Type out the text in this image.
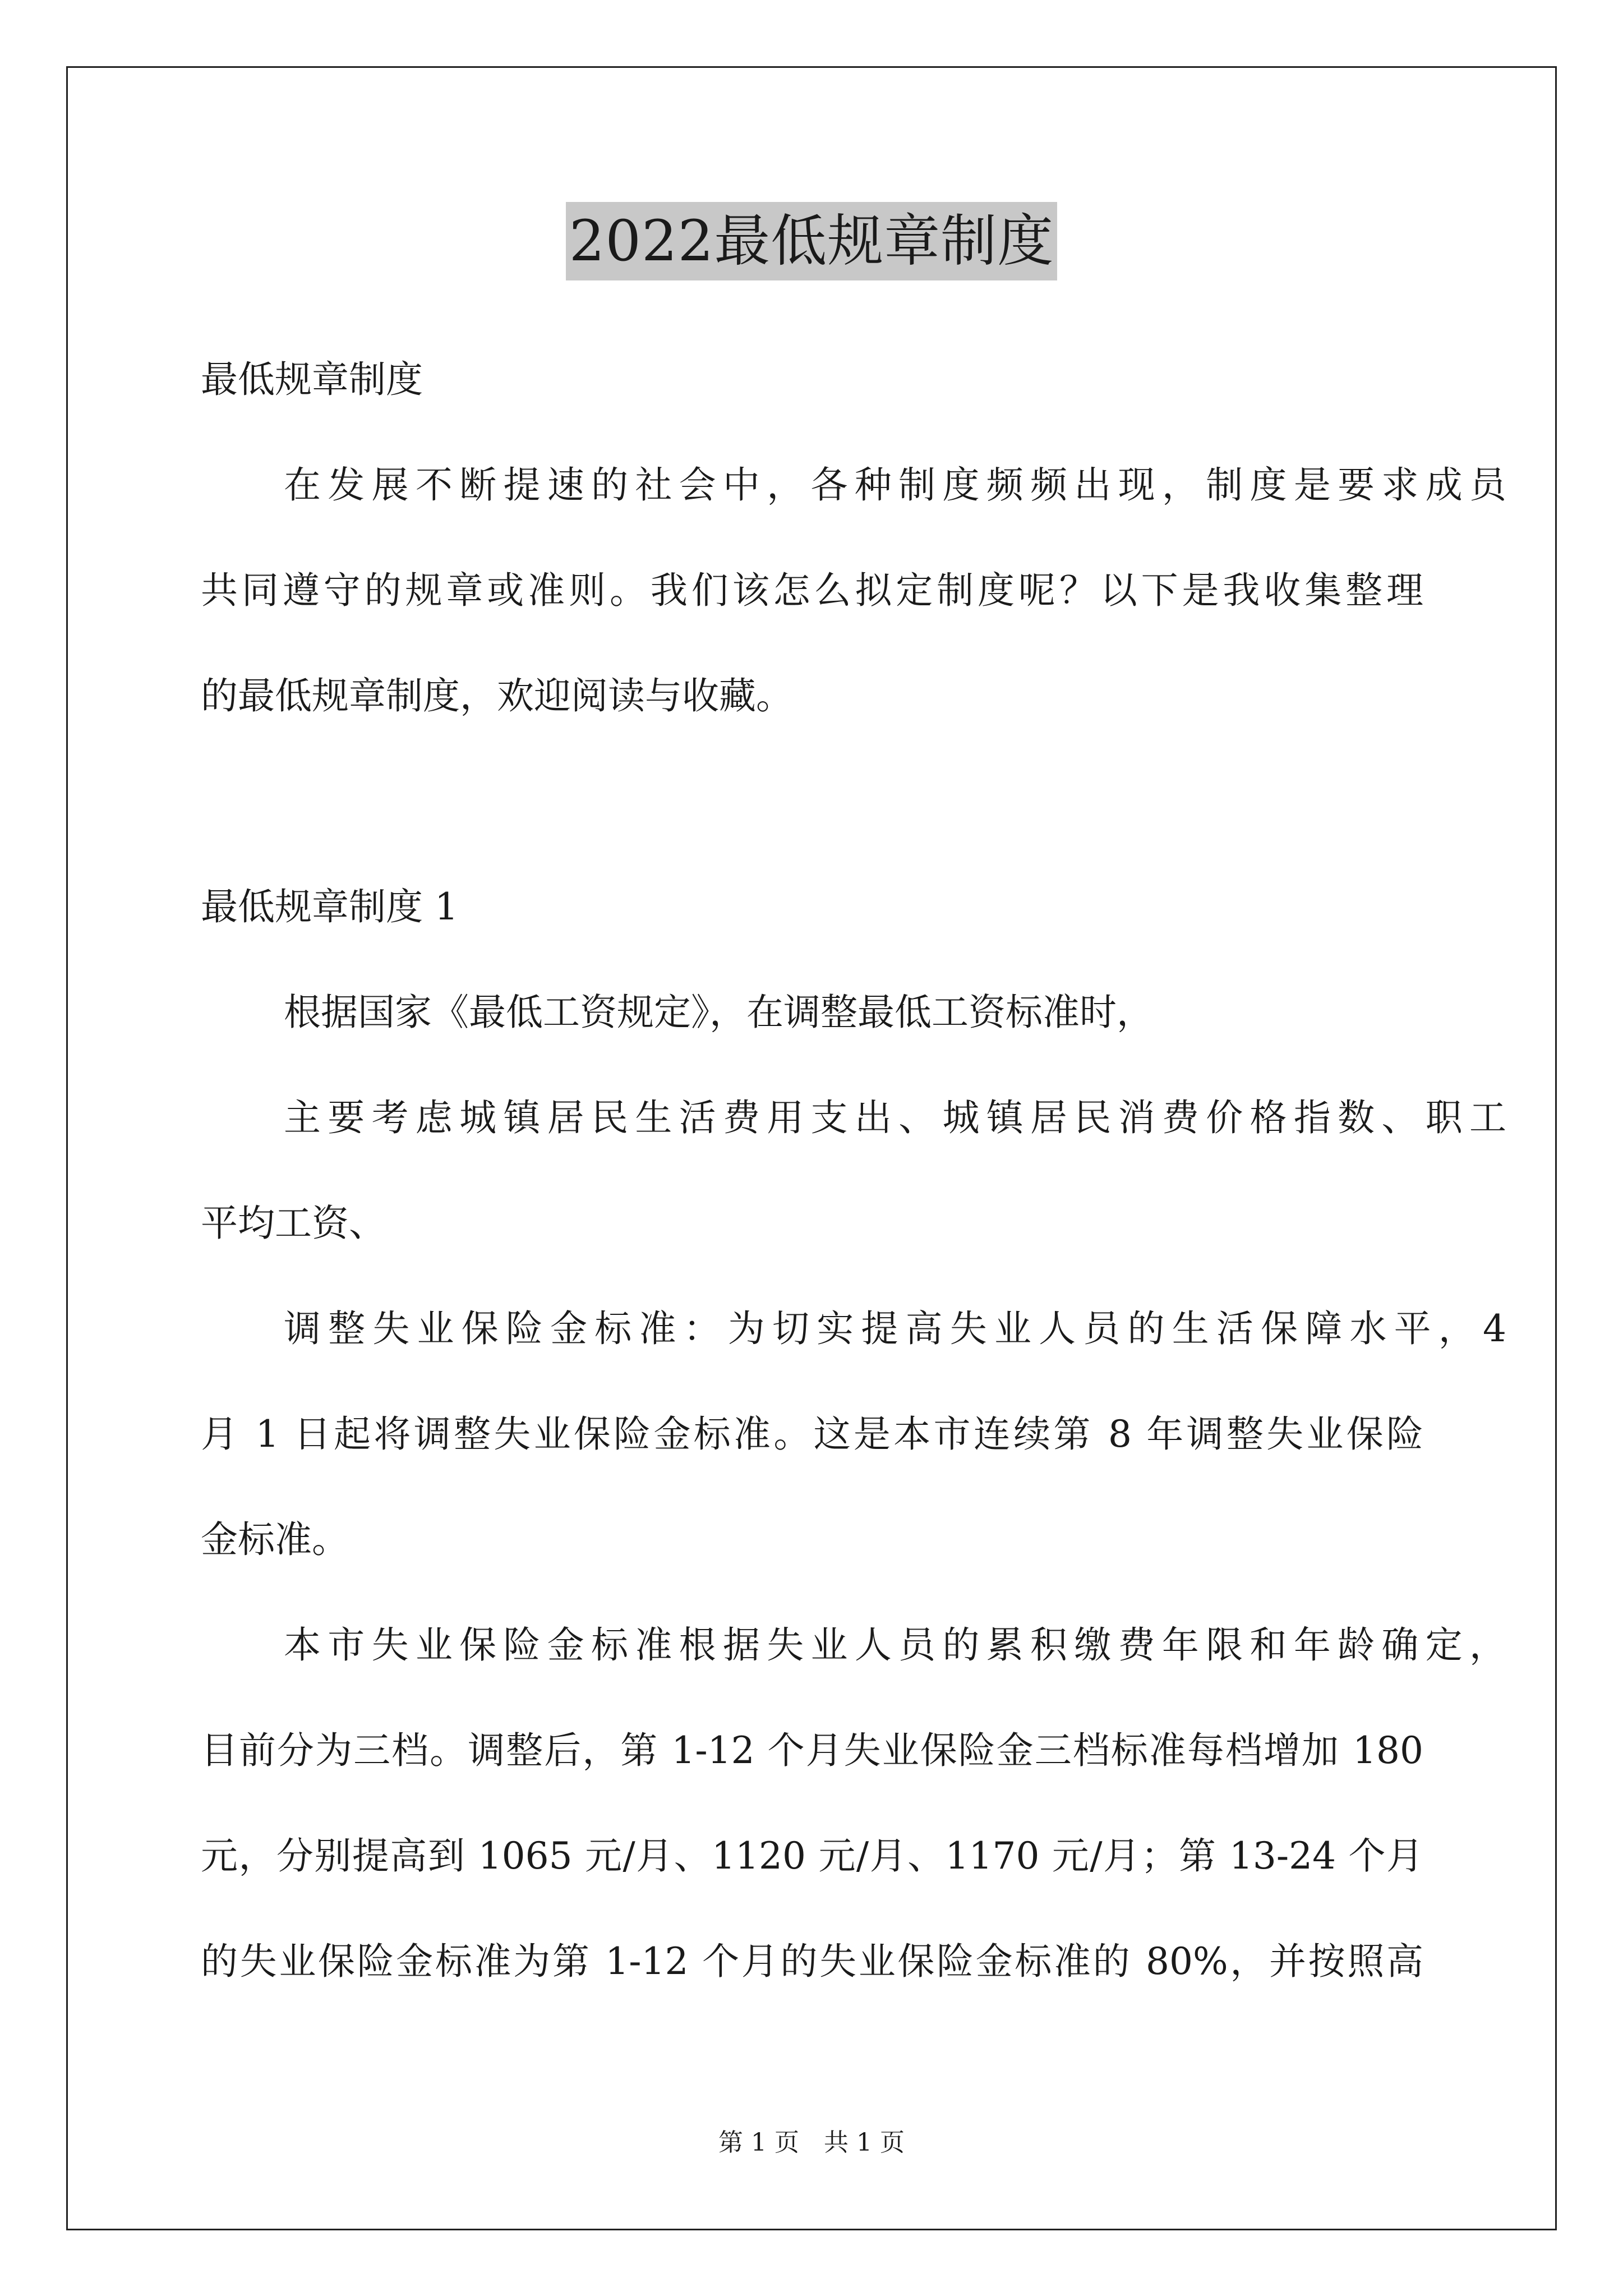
2022最低规章制度
最低规章制度
在发展不断提速的社会中，各种制度频频出现，制度是要求成员
共同遵守的规章或准则。我们该怎么拟定制度呢？以下是我收集整理
的最低规章制度，欢迎阅读与收藏。
最低规章制度 1
根据国家《最低工资规定》，在调整最低工资标准时，
主要考虑城镇居民生活费用支出、城镇居民消费价格指数、职工
平均工资、
调整失业保险金标准：为切实提高失业人员的生活保障水平，4
月 1 日起将调整失业保险金标准。这是本市连续第 8 年调整失业保险
金标准。
本市失业保险金标准根据失业人员的累积缴费年限和年龄确定，
目前分为三档。调整后，第 1-12 个月失业保险金三档标准每档增加 180
元，分别提高到 1065 元/月、1120 元/月、1170 元/月；第 13-24 个月
的失业保险金标准为第 1-12 个月的失业保险金标准的 80%，并按照高
第 1 页　共 1 页
